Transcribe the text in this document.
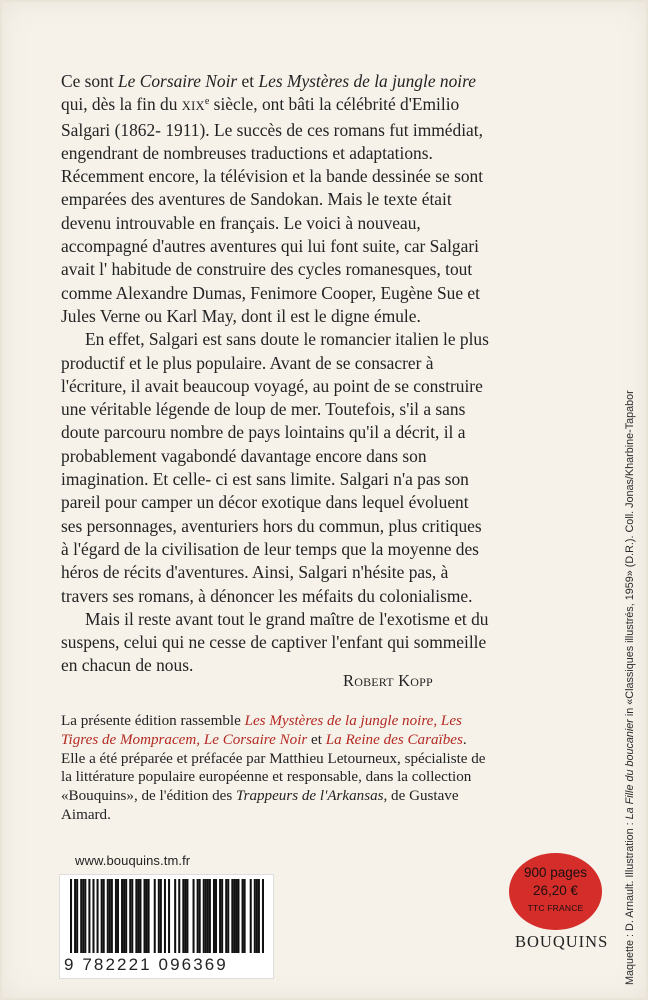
Ce sont Le Corsaire Noir et Les Mystères de la jungle noire qui, dès la fin du XIXe siècle, ont bâti la célébrité d'Emilio Salgari (1862- 1911). Le succès de ces romans fut immédiat, engendrant de nombreuses traductions et adaptations. Récemment encore, la télévision et la bande dessinée se sont emparées des aventures de Sandokan. Mais le texte était devenu introuvable en français. Le voici à nouveau, accompagné d'autres aventures qui lui font suite, car Salgari avait l' habitude de construire des cycles romanesques, tout comme Alexandre Dumas, Fenimore Cooper, Eugène Sue et Jules Verne ou Karl May, dont il est le digne émule.

En effet, Salgari est sans doute le romancier italien le plus productif et le plus populaire. Avant de se consacrer à l'écriture, il avait beaucoup voyagé, au point de se construire une véritable légende de loup de mer. Toutefois, s'il a sans doute parcouru nombre de pays lointains qu'il a décrit, il a probablement vagabondé davantage encore dans son imagination. Et celle- ci est sans limite. Salgari n'a pas son pareil pour camper un décor exotique dans lequel évoluent ses personnages, aventuriers hors du commun, plus critiques à l'égard de la civilisation de leur temps que la moyenne des héros de récits d'aventures. Ainsi, Salgari n'hésite pas, à travers ses romans, à dénoncer les méfaits du colonialisme.

Mais il reste avant tout le grand maître de l'exotisme et du suspens, celui qui ne cesse de captiver l'enfant qui sommeille en chacun de nous.

Robert Kopp
La présente édition rassemble Les Mystères de la jungle noire, Les Tigres de Mompracem, Le Corsaire Noir et La Reine des Caraïbes. Elle a été préparée et préfacée par Matthieu Letourneux, spécialiste de la littérature populaire européenne et responsable, dans la collection «Bouquins», de l'édition des Trappeurs de l'Arkansas, de Gustave Aimard.
www.bouquins.tm.fr
9 782221 096369
900 pages
26,20 €
TTC FRANCE
BOUQUINS Maquette : D. Arnault. Illustration : La Fille du boucanier in «Classiques illustrés, 1959» (D.R.). Coll. Jonas/Kharbine-Tapabor
